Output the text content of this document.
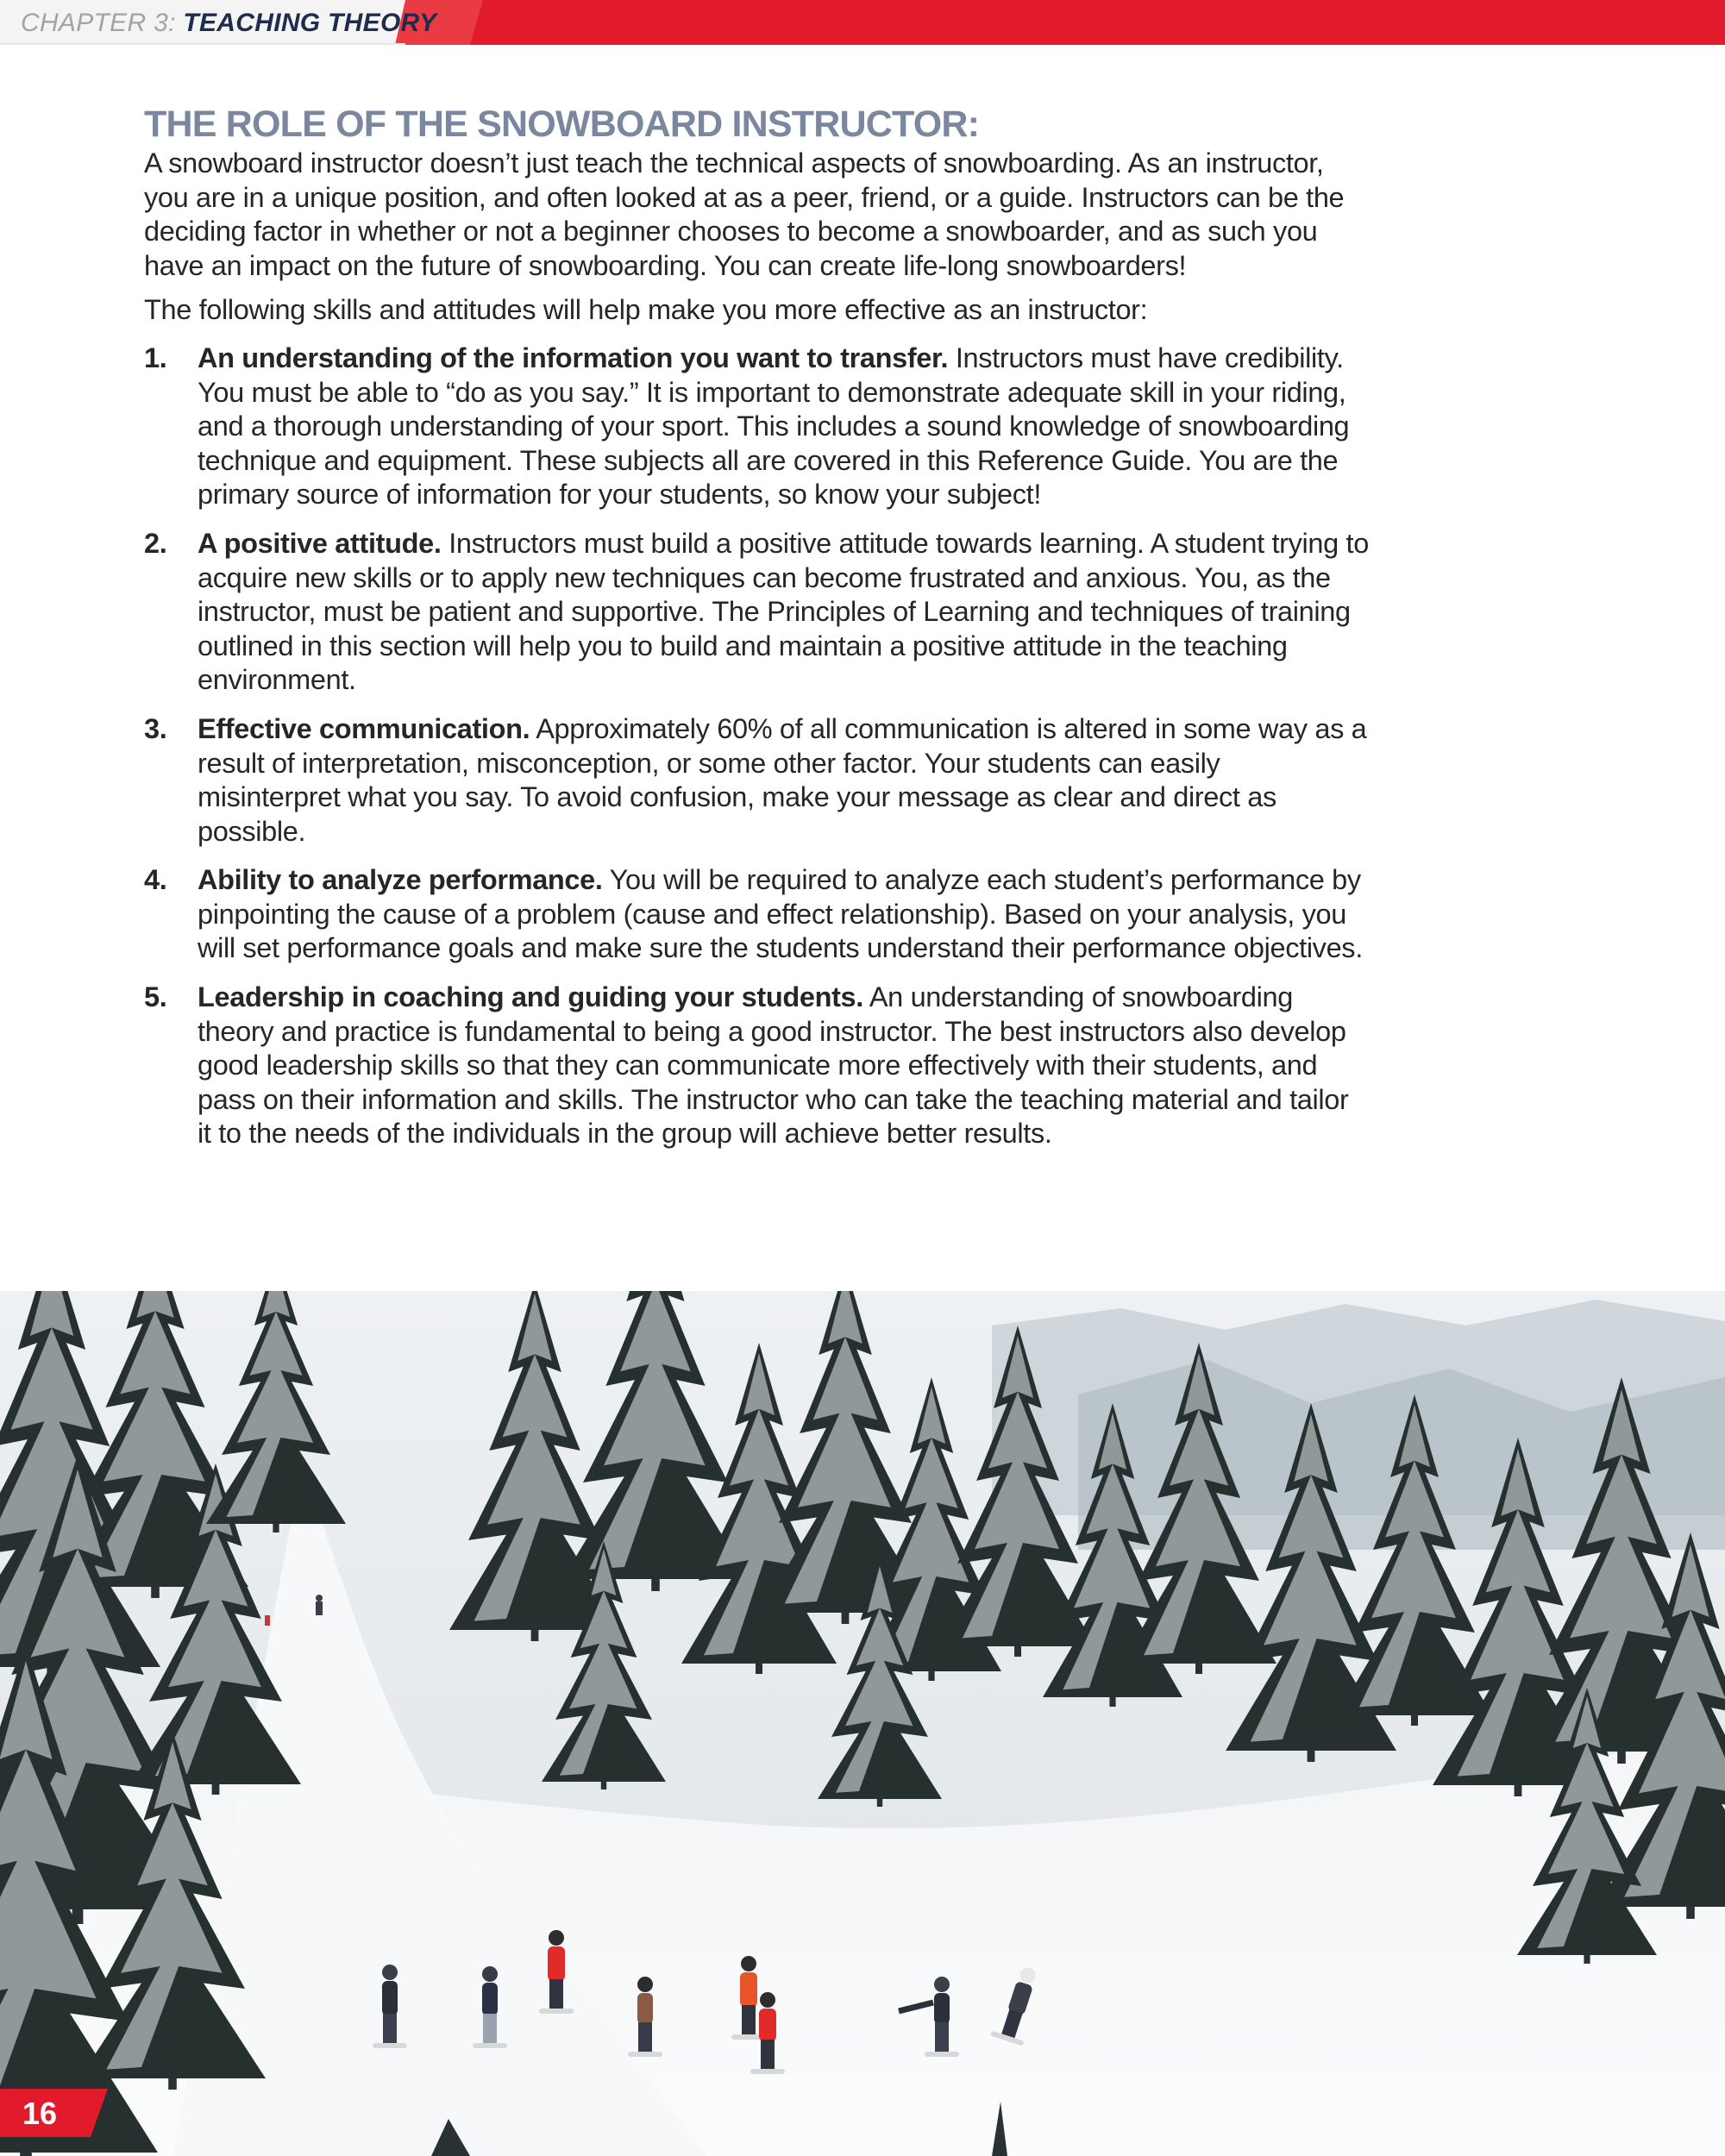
CHAPTER 3: TEACHING THEORY
THE ROLE OF THE SNOWBOARD INSTRUCTOR:

A snowboard instructor doesn’t just teach the technical aspects of snowboarding. As an instructor, you are in a unique position, and often looked at as a peer, friend, or a guide. Instructors can be the deciding factor in whether or not a beginner chooses to become a snowboarder, and as such you have an impact on the future of snowboarding. You can create life-long snowboarders!

The following skills and attitudes will help make you more effective as an instructor:

1. An understanding of the information you want to transfer. Instructors must have credibility. You must be able to “do as you say.” It is important to demonstrate adequate skill in your riding, and a thorough understanding of your sport. This includes a sound knowledge of snowboarding technique and equipment. These subjects all are covered in this Reference Guide. You are the primary source of information for your students, so know your subject!
2. A positive attitude. Instructors must build a positive attitude towards learning. A student trying to acquire new skills or to apply new techniques can become frustrated and anxious. You, as the instructor, must be patient and supportive. The Principles of Learning and techniques of training outlined in this section will help you to build and maintain a positive attitude in the teaching environment.
3. Effective communication. Approximately 60% of all communication is altered in some way as a result of interpretation, misconception, or some other factor. Your students can easily misinterpret what you say. To avoid confusion, make your message as clear and direct as possible.
4. Ability to analyze performance. You will be required to analyze each student’s performance by pinpointing the cause of a problem (cause and effect relationship). Based on your analysis, you will set performance goals and make sure the students understand their performance objectives.
5. Leadership in coaching and guiding your students. An understanding of snowboarding theory and practice is fundamental to being a good instructor. The best instructors also develop good leadership skills so that they can communicate more effectively with their students, and pass on their information and skills. The instructor who can take the teaching material and tailor it to the needs of the individuals in the group will achieve better results.
16
